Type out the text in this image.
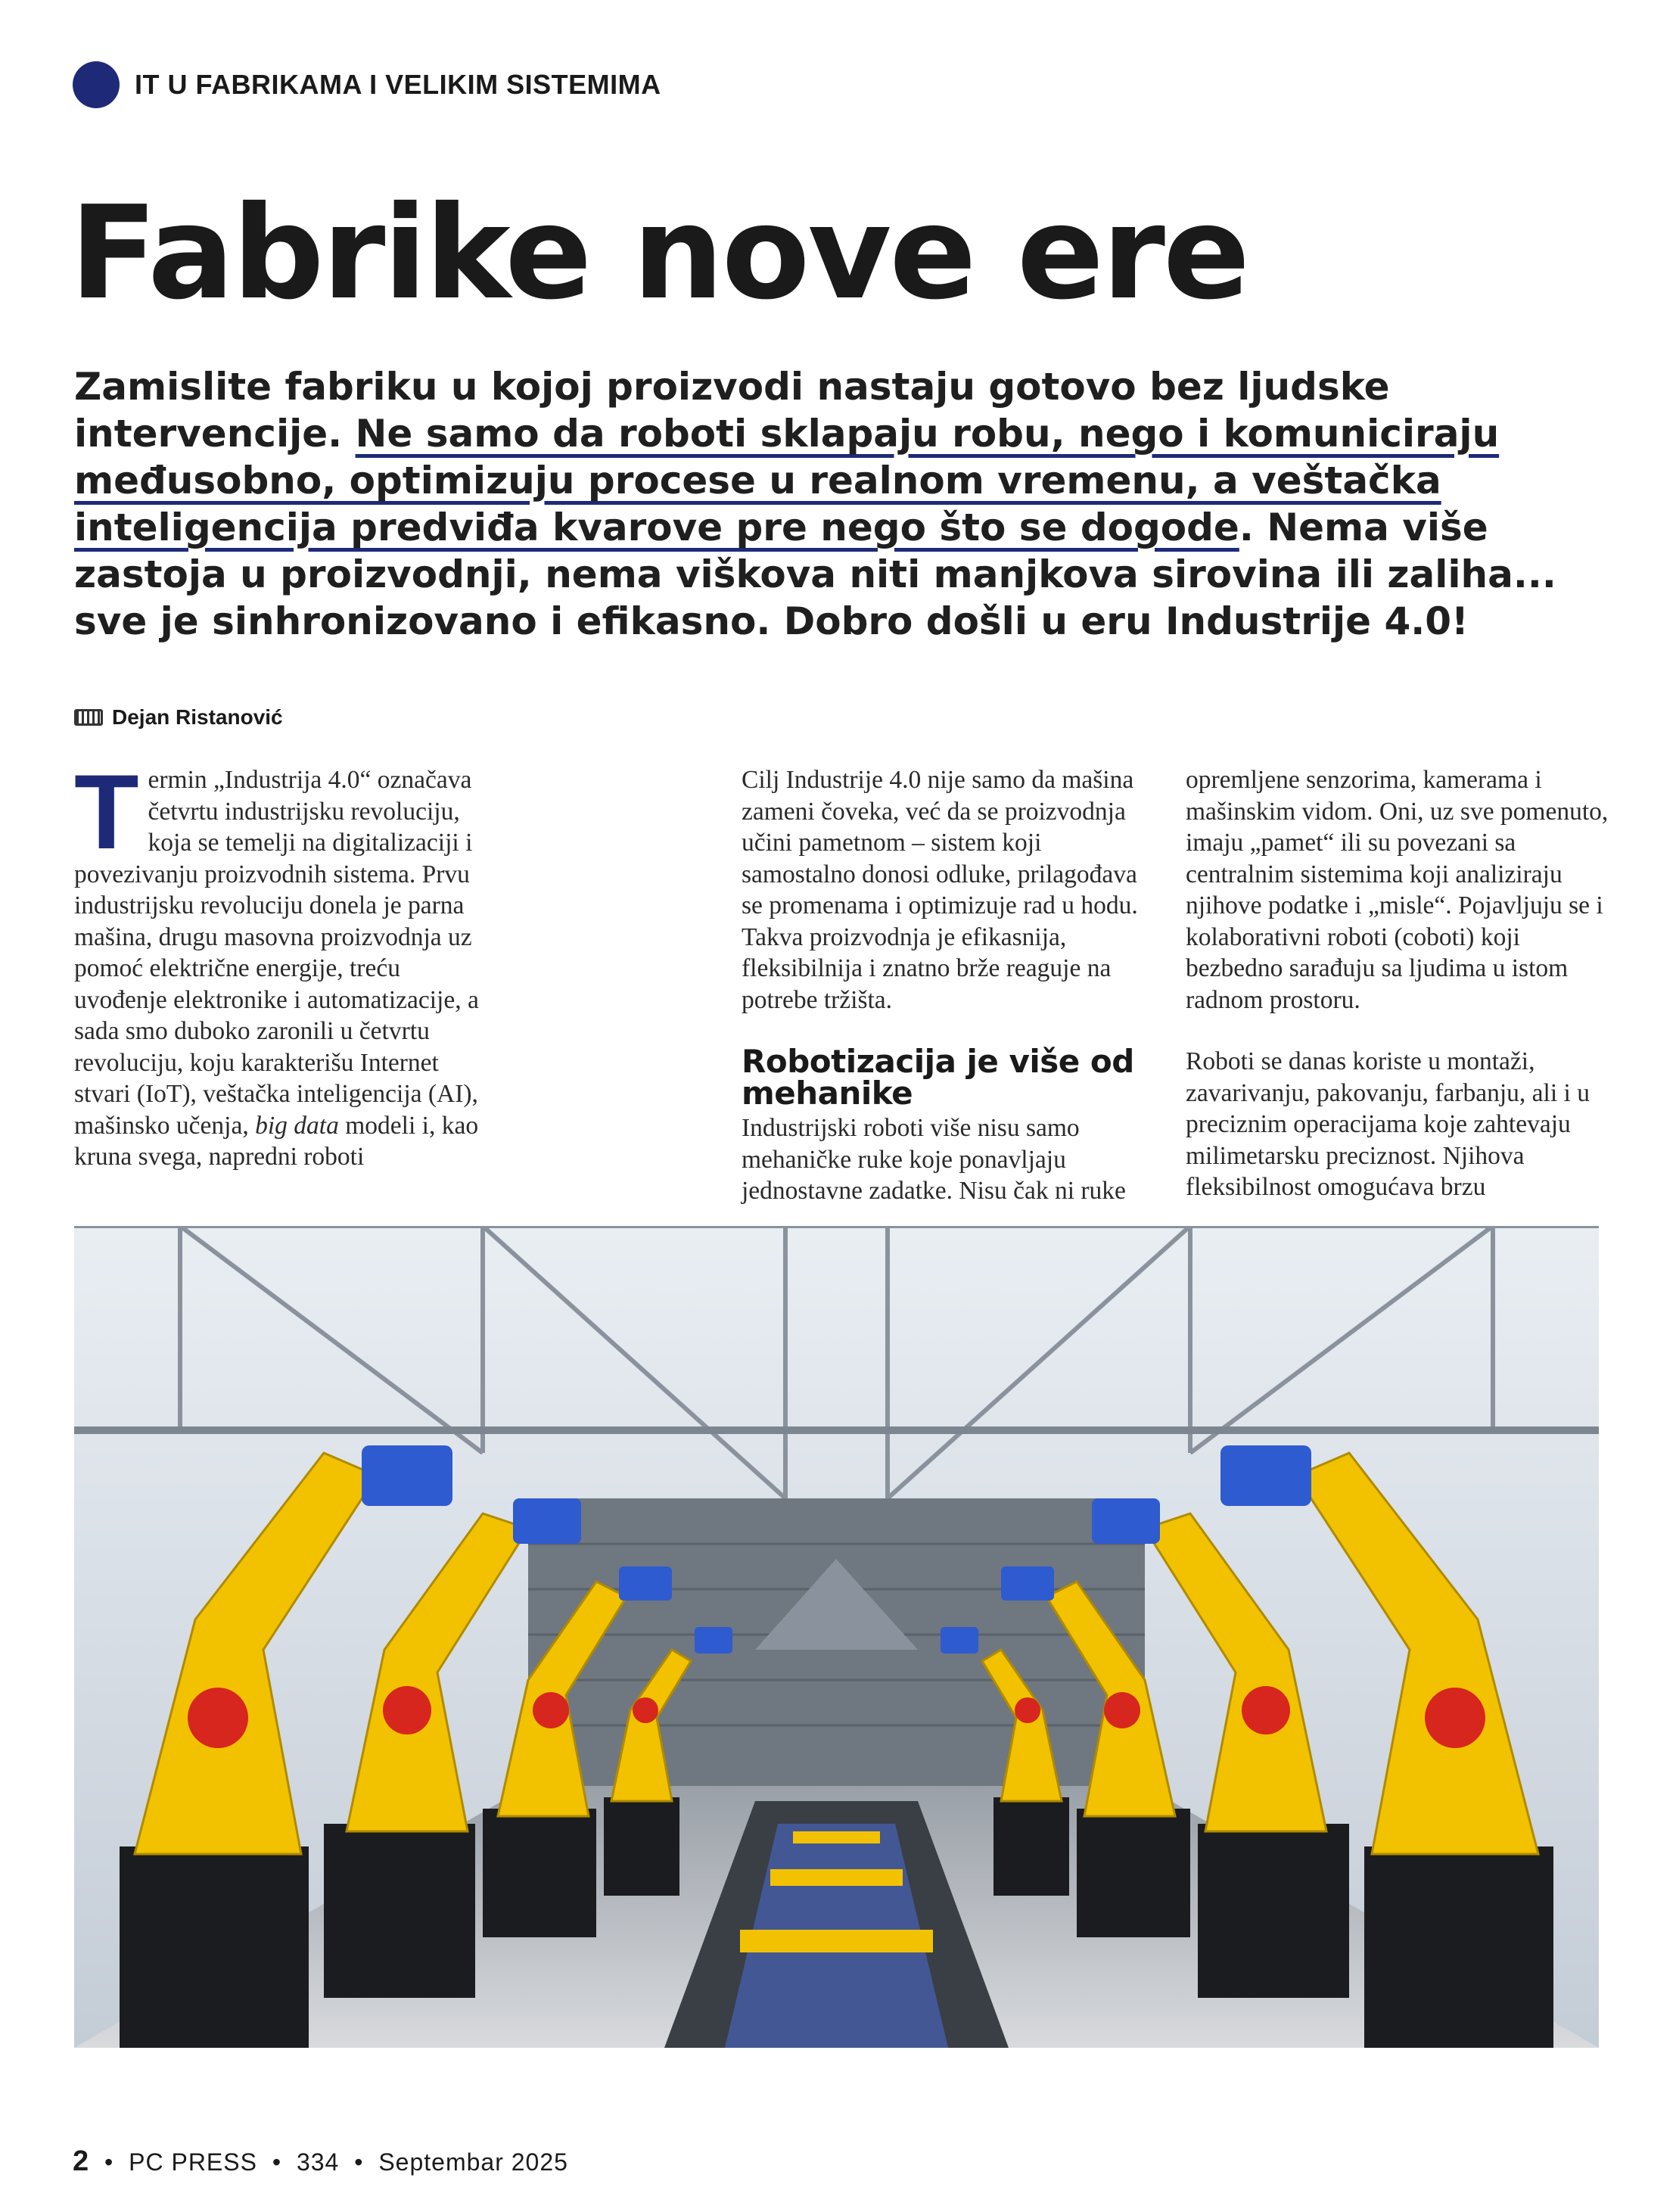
IT U FABRIKAMA I VELIKIM SISTEMIMA
Fabrike nove ere

Zamislite fabriku u kojoj proizvodi nastaju gotovo bez ljudske intervencije. Ne samo da roboti sklapaju robu, nego i komuniciraju međusobno, optimizuju procese u realnom vremenu, a veštačka inteligencija predviđa kvarove pre nego što se dogode. Nema više zastoja u proizvodnji, nema viškova niti manjkova sirovina ili zaliha... sve je sinhronizovano i efikasno. Dobro došli u eru Industrije 4.0!

Dejan Ristanović

Termin „Industrija 4.0“ označava četvrtu industrijsku revoluciju, koja se temelji na digitalizaciji i povezivanju proizvodnih sistema. Prvu industrijsku revoluciju donela je parna mašina, drugu masovna proizvodnja uz pomoć električne energije, treću uvođenje elektronike i automatizacije, a sada smo duboko zaronili u četvrtu revoluciju, koju karakterišu Internet stvari (IoT), veštačka inteligencija (AI), mašinsko učenja, big data modeli i, kao kruna svega, napredni roboti

Cilj Industrije 4.0 nije samo da mašina zameni čoveka, već da se proizvodnja učini pametnom – sistem koji samostalno donosi odluke, prilagođava se promenama i optimizuje rad u hodu. Takva proizvodnja je efikasnija, fleksibilnija i znatno brže reaguje na potrebe tržišta.

Robotizacija je više od mehanike

Industrijski roboti više nisu samo mehaničke ruke koje ponavljaju jednostavne zadatke. Nisu čak ni ruke

opremljene senzorima, kamerama i mašinskim vidom. Oni, uz sve pomenuto, imaju „pamet“ ili su povezani sa centralnim sistemima koji analiziraju njihove podatke i „misle“. Pojavljuju se i kolaborativni roboti (coboti) koji bezbedno sarađuju sa ljudima u istom radnom prostoru.

Roboti se danas koriste u montaži, zavarivanju, pakovanju, farbanju, ali i u preciznim operacijama koje zahtevaju milimetarsku preciznost. Njihova fleksibilnost omogućava brzu

2 • PC PRESS • 334 • Septembar 2025
